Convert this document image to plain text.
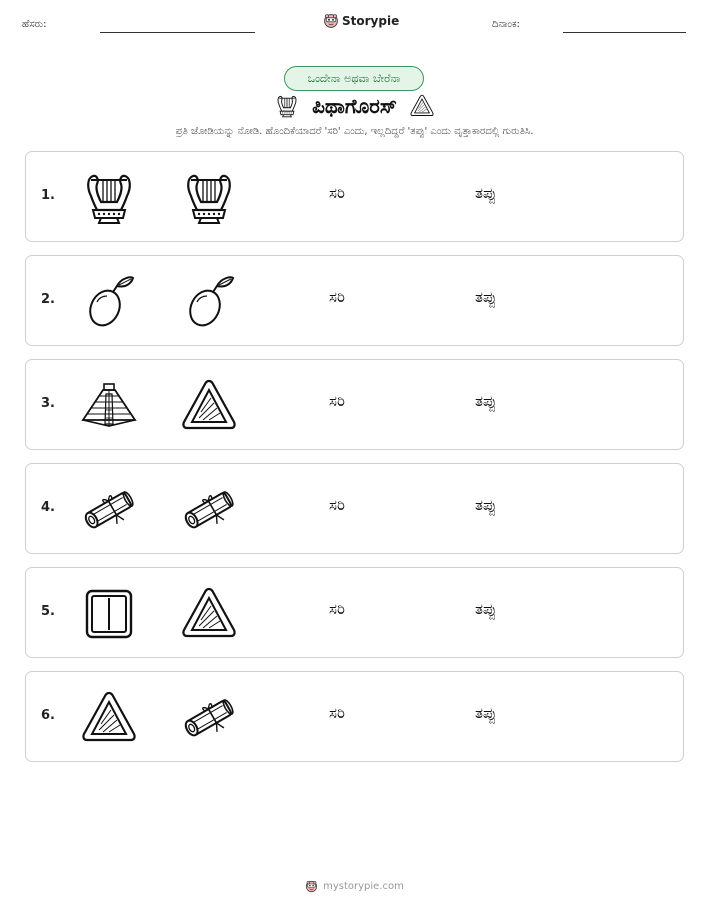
ಹೆಸರು:	Storypie	ದಿನಾಂಕ:
ಒಂದೇನಾ ಅಥವಾ ಬೇರೆನಾ
ಪಿಥಾಗೊರಸ್
ಪ್ರತಿ ಜೋಡಿಯನ್ನು ನೋಡಿ. ಹೊಂದಿಕೆಯಾದರೆ 'ಸರಿ' ಎಂದು, ಇಲ್ಲದಿದ್ದರೆ 'ತಪ್ಪು' ಎಂದು ವೃತ್ತಾಕಾರದಲ್ಲಿ ಗುರುತಿಸಿ.
1.	ಸರಿ	ತಪ್ಪು
2.	ಸರಿ	ತಪ್ಪು
3.	ಸರಿ	ತಪ್ಪು
4.	ಸರಿ	ತಪ್ಪು
5.	ಸರಿ	ತಪ್ಪು
6.	ಸರಿ	ತಪ್ಪು
mystorypie.com
